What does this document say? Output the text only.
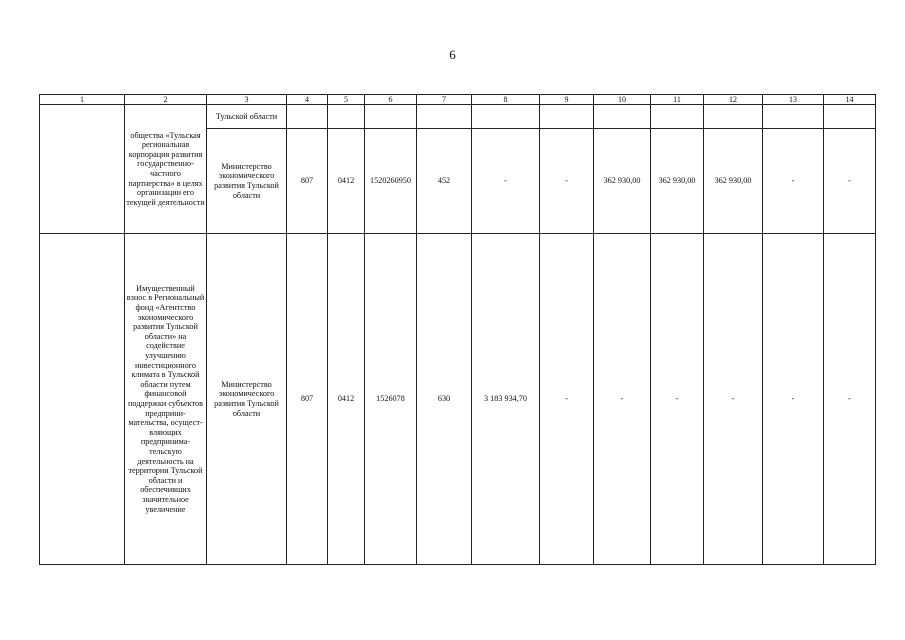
6
1	2	3	4	5	6	7	8	9	10	11	12	13	14
	общества «Тульская региональная корпорация развития государственно-частного партнерства» в целях организации его текущей деятельности	Тульской области											
		Министерство экономического развития Тульской области	807	0412	1520260950	452	-	-	362 930,00	362 930,00	362 930,00	-	-
	Имущественный взнос в Региональный фонд «Агентство экономического развития Тульской области» на содействие улучшению инвестиционного климата в Тульской области путем финансовой поддержки субъектов предприни-мательства, осущест-вляющих предпринима-тельскую деятельность на территории Тульской области и обеспечивших значительное увеличение	Министерство экономического развития Тульской области	807	0412	1526078	630	3 183 934,70	-	-	-	-	-	-
